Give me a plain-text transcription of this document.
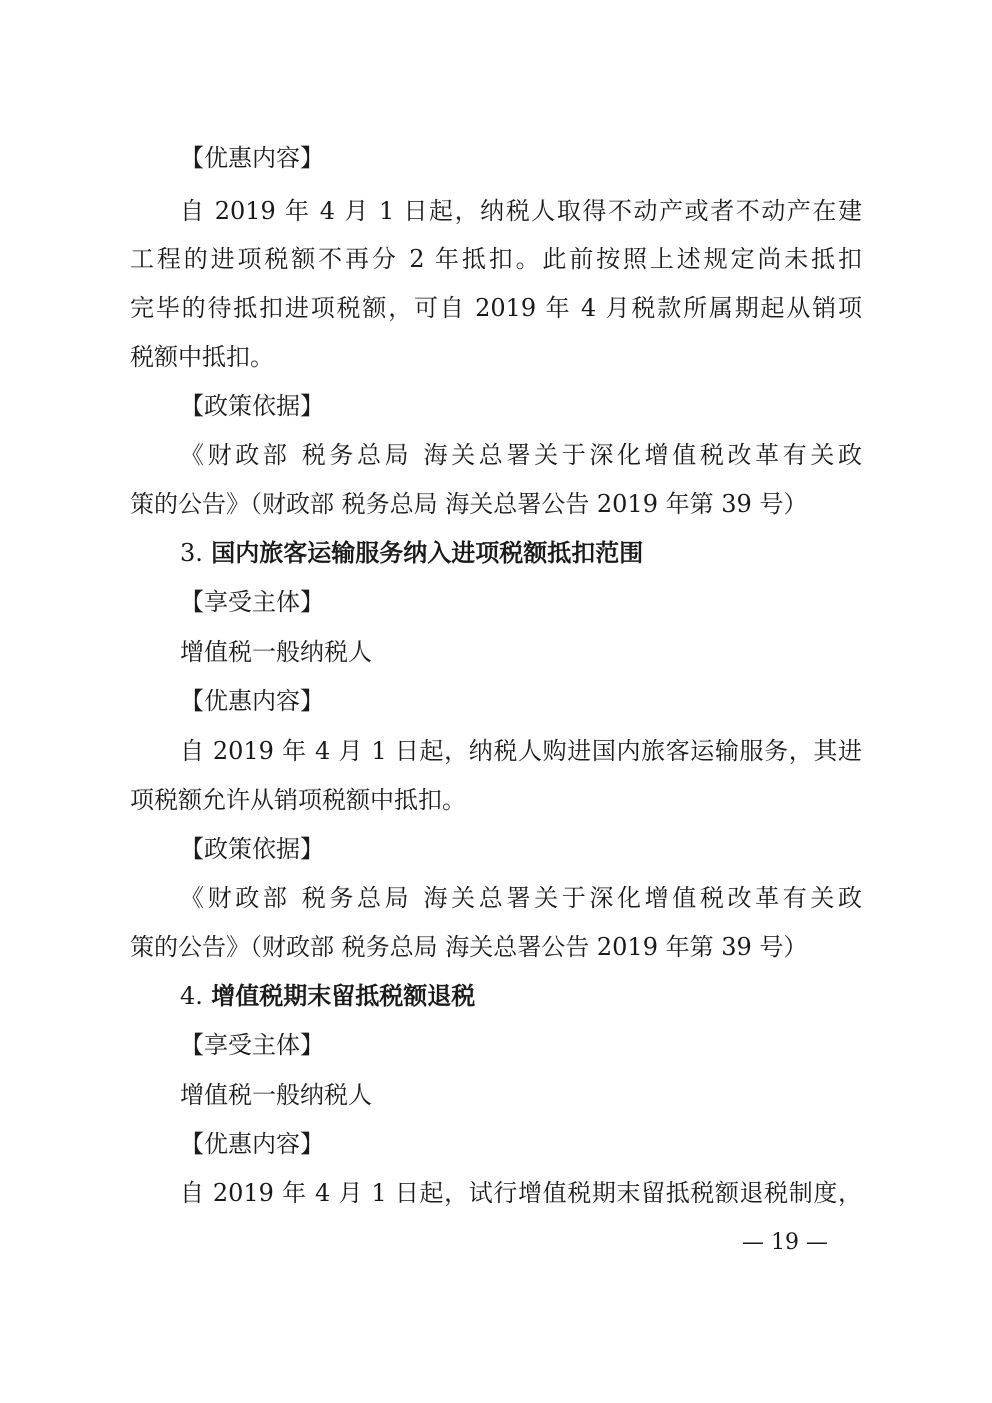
【优惠内容】
自 2019 年 4 月 1 日起，纳税人取得不动产或者不动产在建
工程的进项税额不再分 2 年抵扣。此前按照上述规定尚未抵扣
完毕的待抵扣进项税额，可自 2019 年 4 月税款所属期起从销项
税额中抵扣。
【政策依据】
《财政部 税务总局 海关总署关于深化增值税改革有关政
策的公告》（财政部 税务总局 海关总署公告 2019 年第 39 号）
3. 国内旅客运输服务纳入进项税额抵扣范围
【享受主体】
增值税一般纳税人
【优惠内容】
自 2019 年 4 月 1 日起，纳税人购进国内旅客运输服务，其进
项税额允许从销项税额中抵扣。
【政策依据】
《财政部 税务总局 海关总署关于深化增值税改革有关政
策的公告》（财政部 税务总局 海关总署公告 2019 年第 39 号）
4. 增值税期末留抵税额退税
【享受主体】
增值税一般纳税人
【优惠内容】
自 2019 年 4 月 1 日起，试行增值税期末留抵税额退税制度，
— 19 —
